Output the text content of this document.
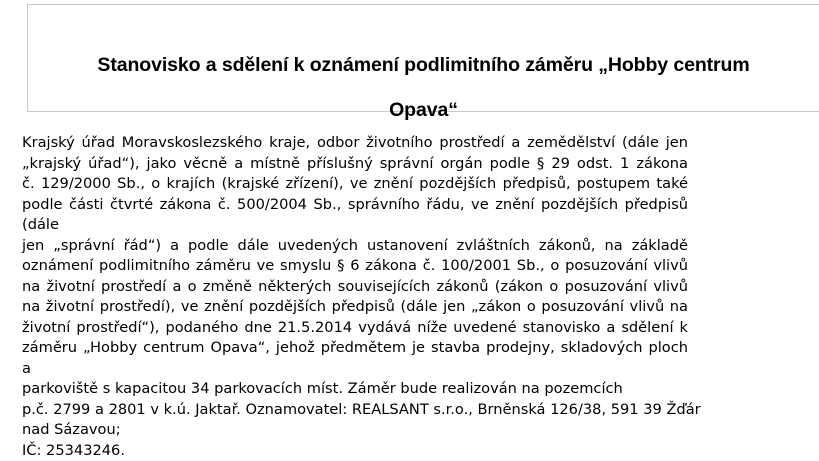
Stanovisko a sdělení k oznámení podlimitního záměru „Hobby centrum
Opava“
Krajský úřad Moravskoslezského kraje, odbor životního prostředí a zemědělství (dále jen
„krajský úřad“), jako věcně a místně příslušný správní orgán podle § 29 odst. 1 zákona
č. 129/2000 Sb., o krajích (krajské zřízení), ve znění pozdějších předpisů, postupem také
podle části čtvrté zákona č. 500/2004 Sb., správního řádu, ve znění pozdějších předpisů (dále
jen „správní řád“) a podle dále uvedených ustanovení zvláštních zákonů, na základě
oznámení podlimitního záměru ve smyslu § 6 zákona č. 100/2001 Sb., o posuzování vlivů
na životní prostředí a o změně některých souvisejících zákonů (zákon o posuzování vlivů
na životní prostředí), ve znění pozdějších předpisů (dále jen „zákon o posuzování vlivů na
životní prostředí“), podaného dne 21.5.2014 vydává níže uvedené stanovisko a sdělení k
záměru „Hobby centrum Opava“, jehož předmětem je stavba prodejny, skladových ploch a
parkoviště s kapacitou 34 parkovacích míst. Záměr bude realizován na pozemcích
p.č. 2799 a 2801 v k.ú. Jaktař. Oznamovatel: REALSANT s.r.o., Brněnská 126/38, 591 39 Žďár
nad Sázavou;
IČ: 25343246.
